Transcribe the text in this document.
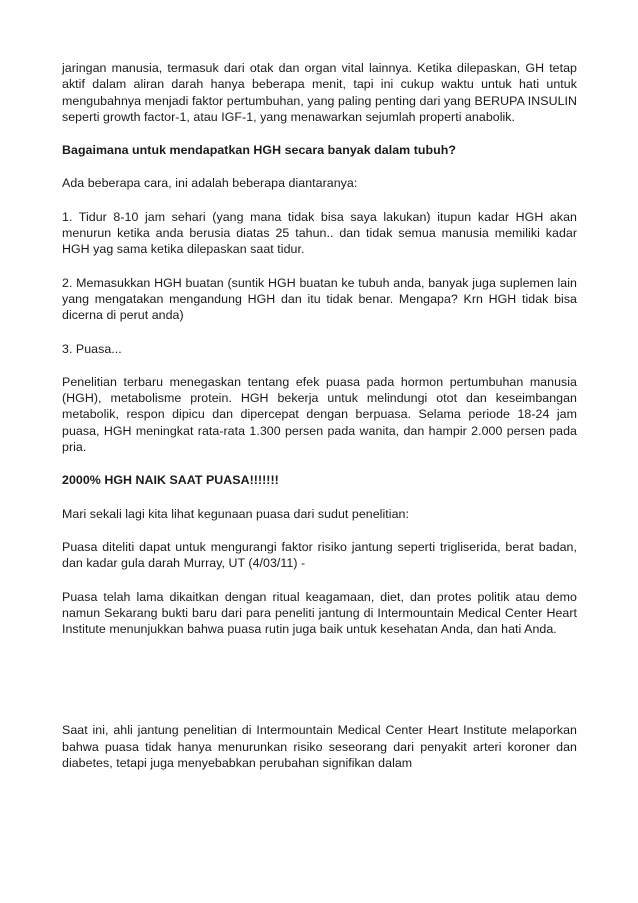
jaringan manusia, termasuk dari otak dan organ vital lainnya. Ketika dilepaskan, GH tetap aktif dalam aliran darah hanya beberapa menit, tapi ini cukup waktu untuk hati untuk mengubahnya menjadi faktor pertumbuhan, yang paling penting dari yang BERUPA INSULIN seperti growth factor-1, atau IGF-1, yang menawarkan sejumlah properti anabolik.

Bagaimana untuk mendapatkan HGH secara banyak dalam tubuh?

Ada beberapa cara, ini adalah beberapa diantaranya:

1. Tidur 8-10 jam sehari (yang mana tidak bisa saya lakukan) itupun kadar HGH akan menurun ketika anda berusia diatas 25 tahun.. dan tidak semua manusia memiliki kadar HGH yag sama ketika dilepaskan saat tidur.

2. Memasukkan HGH buatan (suntik HGH buatan ke tubuh anda, banyak juga suplemen lain yang mengatakan mengandung HGH dan itu tidak benar. Mengapa? Krn HGH tidak bisa dicerna di perut anda)

3. Puasa...

Penelitian terbaru menegaskan tentang efek puasa pada hormon pertumbuhan manusia (HGH), metabolisme protein. HGH bekerja untuk melindungi otot dan keseimbangan metabolik, respon dipicu dan dipercepat dengan berpuasa. Selama periode 18-24 jam puasa, HGH meningkat rata-rata 1.300 persen pada wanita, dan hampir 2.000 persen pada pria.

2000% HGH NAIK SAAT PUASA!!!!!!!

Mari sekali lagi kita lihat kegunaan puasa dari sudut penelitian:

Puasa diteliti dapat untuk mengurangi faktor risiko jantung seperti trigliserida, berat badan, dan kadar gula darah Murray, UT (4/03/11) -

Puasa telah lama dikaitkan dengan ritual keagamaan, diet, dan protes politik atau demo namun Sekarang bukti baru dari para peneliti jantung di Intermountain Medical Center Heart Institute menunjukkan bahwa puasa rutin juga baik untuk kesehatan Anda, dan hati Anda.

Saat ini, ahli jantung penelitian di Intermountain Medical Center Heart Institute melaporkan bahwa puasa tidak hanya menurunkan risiko seseorang dari penyakit arteri koroner dan diabetes, tetapi juga menyebabkan perubahan signifikan dalam
